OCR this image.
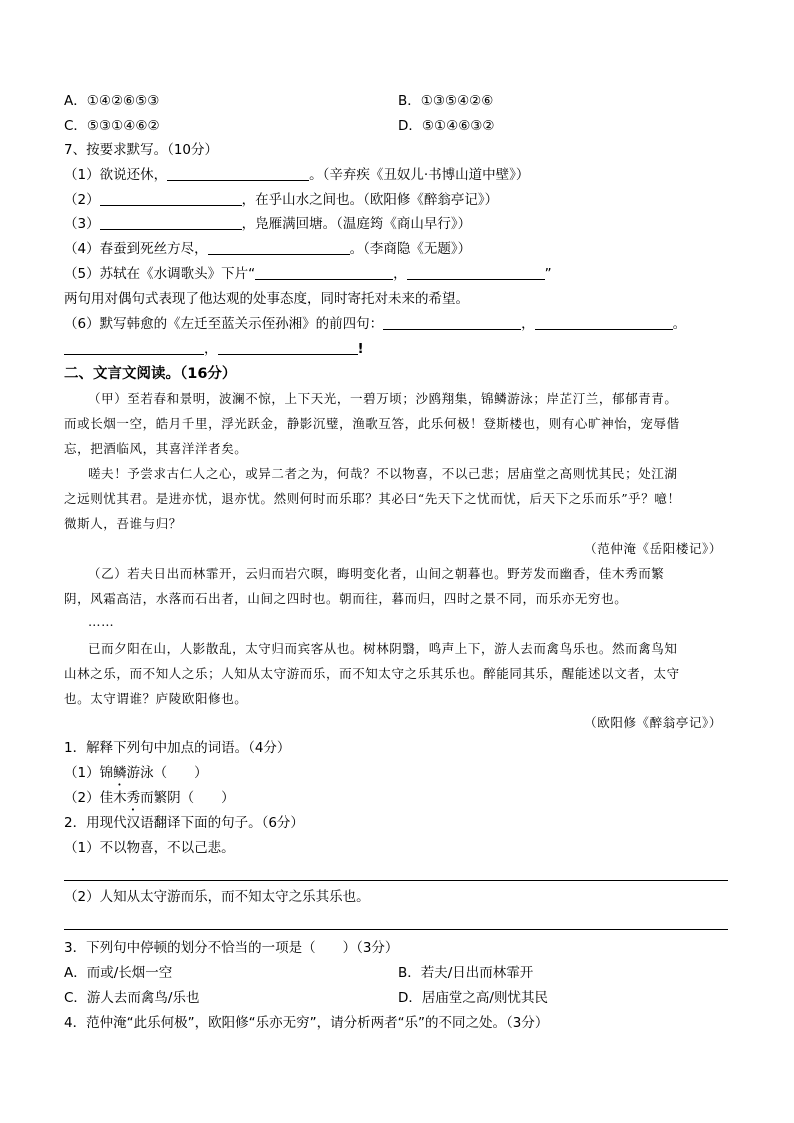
A．①④②⑥⑤③	B．①③⑤④②⑥
C．⑤③①④⑥②	D．⑤①④⑥③②
7、按要求默写。（10分）
（1）欲说还休，	。（辛弃疾《丑奴儿·书博山道中壁》）
（2）	，在乎山水之间也。（欧阳修《醉翁亭记》）
（3）	，凫雁满回塘。（温庭筠《商山早行》）
（4）春蚕到死丝方尽，	。（李商隐《无题》）
（5）苏轼在《水调歌头》下片“	，	”
两句用对偶句式表现了他达观的处事态度，同时寄托对未来的希望。
（6）默写韩愈的《左迁至蓝关示侄孙湘》的前四句：	，	。
，	!
二、文言文阅读。（16分）
（甲）至若春和景明，波澜不惊，上下天光，一碧万顷；沙鸥翔集，锦鳞游泳；岸芷汀兰，郁郁青青。
而或长烟一空，皓月千里，浮光跃金，静影沉璧，渔歌互答，此乐何极！登斯楼也，则有心旷神怡，宠辱偕
忘，把酒临风，其喜洋洋者矣。
嗟夫！予尝求古仁人之心，或异二者之为，何哉？不以物喜，不以己悲；居庙堂之高则忧其民；处江湖
之远则忧其君。是进亦忧，退亦忧。然则何时而乐耶？其必曰“先天下之忧而忧，后天下之乐而乐”乎？噫！
微斯人，吾谁与归？
（范仲淹《岳阳楼记》）
（乙）若夫日出而林霏开，云归而岩穴暝，晦明变化者，山间之朝暮也。野芳发而幽香，佳木秀而繁
阴，风霜高洁，水落而石出者，山间之四时也。朝而往，暮而归，四时之景不同，而乐亦无穷也。
……
已而夕阳在山，人影散乱，太守归而宾客从也。树林阴翳，鸣声上下，游人去而禽鸟乐也。然而禽鸟知
山林之乐，而不知人之乐；人知从太守游而乐，而不知太守之乐其乐也。醉能同其乐，醒能述以文者，太守
也。太守谓谁？庐陵欧阳修也。
（欧阳修《醉翁亭记》）
1．解释下列句中加点的词语。（4分）
（1）锦鳞游泳（　　）
（2）佳木秀而繁阴（　　）
2．用现代汉语翻译下面的句子。（6分）
（1）不以物喜，不以己悲。
（2）人知从太守游而乐，而不知太守之乐其乐也。
3．下列句中停顿的划分不恰当的一项是（　　）（3分）
A．而或/长烟一空	B．若夫/日出而林霏开
C．游人去而禽鸟/乐也	D．居庙堂之高/则忧其民
4．范仲淹“此乐何极”，欧阳修“乐亦无穷”，请分析两者“乐”的不同之处。（3分）
